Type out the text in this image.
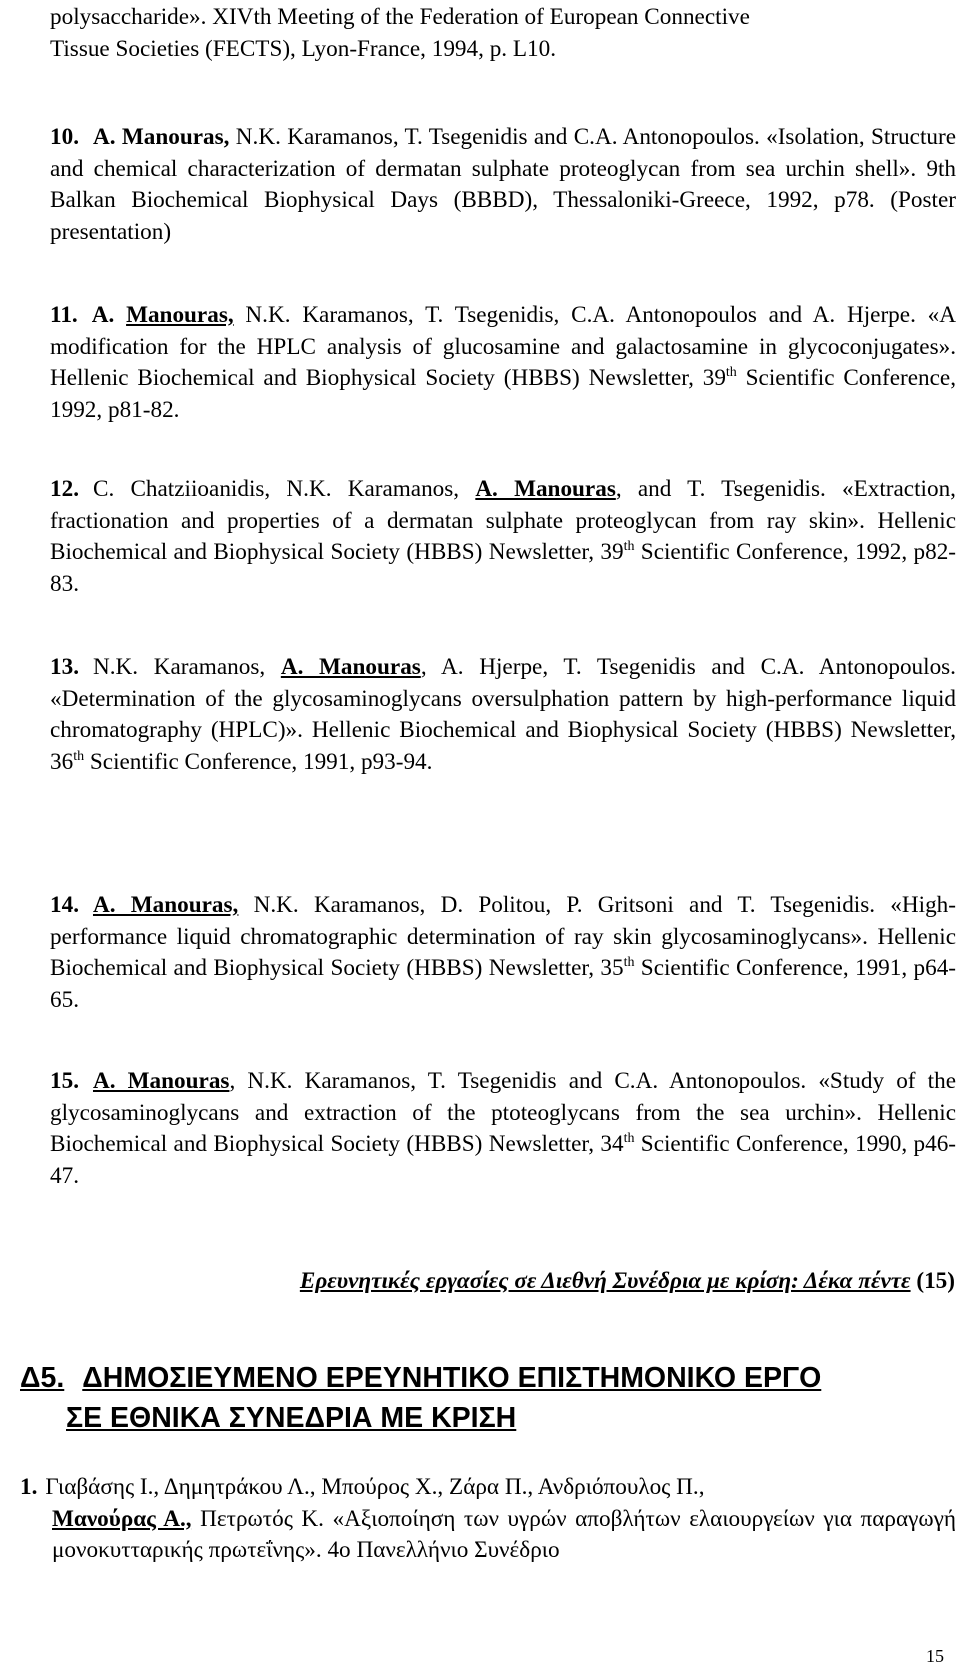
polysaccharide». XIVth Meeting of the Federation of European Connective
Tissue Societies (FECTS), Lyon-France, 1994, p. L10.
10. A. Manouras, N.K. Karamanos, T. Tsegenidis and C.A. Antonopoulos. «Isolation, Structure and chemical characterization of dermatan sulphate proteoglycan from sea urchin shell». 9th Balkan Biochemical Biophysical Days (BBBD), Thessaloniki-Greece, 1992, p78. (Poster presentation)
11. A. Manouras, N.K. Karamanos, T. Tsegenidis, C.A. Antonopoulos and A. Hjerpe. «A modification for the HPLC analysis of glucosamine and galactosamine in glycoconjugates». Hellenic Biochemical and Biophysical Society (HBBS) Newsletter, 39th Scientific Conference, 1992, p81-82.
12. C. Chatziioanidis, N.K. Karamanos, A. Manouras, and T. Tsegenidis. «Extraction, fractionation and properties of a dermatan sulphate proteoglycan from ray skin». Hellenic Biochemical and Biophysical Society (HBBS) Newsletter, 39th Scientific Conference, 1992, p82-83.
13. N.K. Karamanos, A. Manouras, A. Hjerpe, T. Tsegenidis and C.A. Antonopoulos. «Determination of the glycosaminoglycans oversulphation pattern by high-performance liquid chromatography (HPLC)». Hellenic Biochemical and Biophysical Society (HBBS) Newsletter, 36th Scientific Conference, 1991, p93-94.
14. A. Manouras, N.K. Karamanos, D. Politou, P. Gritsoni and T. Tsegenidis. «High-performance liquid chromatographic determination of ray skin glycosaminoglycans». Hellenic Biochemical and Biophysical Society (HBBS) Newsletter, 35th Scientific Conference, 1991, p64-65.
15. A. Manouras, N.K. Karamanos, T. Tsegenidis and C.A. Antonopoulos. «Study of the glycosaminoglycans and extraction of the ptoteoglycans from the sea urchin». Hellenic Biochemical and Biophysical Society (HBBS) Newsletter, 34th Scientific Conference, 1990, p46-47.
Ερευνητικές εργασίες σε Διεθνή Συνέδρια με κρίση: Δέκα πέντε (15)
Δ5. ΔΗΜΟΣΙΕΥΜΕΝΟ ΕΡΕΥΝΗΤΙΚΟ ΕΠΙΣΤΗΜΟΝΙΚΟ ΕΡΓΟ
ΣΕ ΕΘΝΙΚΑ ΣΥΝΕΔΡΙΑ ΜΕ ΚΡΙΣΗ
1. Γιαβάσης Ι., Δημητράκου Λ., Μπούρος Χ., Ζάρα Π., Ανδριόπουλος Π.,
Μανούρας Α., Πετρωτός Κ. «Αξιοποίηση των υγρών αποβλήτων ελαιουργείων για παραγωγή μονοκυτταρικής πρωτεΐνης». 4ο Πανελλήνιο Συνέδριο
15
